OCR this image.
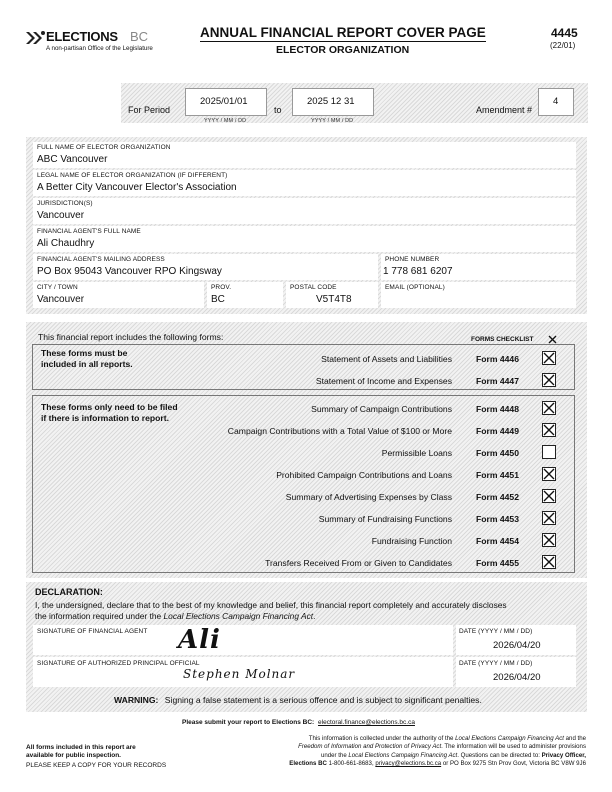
ELECTIONS BC
A non-partisan Office of the Legislature
ANNUAL FINANCIAL REPORT COVER PAGE
ELECTOR ORGANIZATION
4445
(22/01)
For Period
2025/01/01
YYYY / MM / DD
to
2025 12 31
YYYY / MM / DD
Amendment #
4
FULL NAME OF ELECTOR ORGANIZATION
ABC Vancouver
LEGAL NAME OF ELECTOR ORGANIZATION (IF DIFFERENT)
A Better City Vancouver Elector's Association
JURISDICTION(S)
Vancouver
FINANCIAL AGENT'S FULL NAME
Ali Chaudhry
FINANCIAL AGENT'S MAILING ADDRESS
PO Box 95043 Vancouver RPO Kingsway
PHONE NUMBER
1 778 681 6207
CITY / TOWN
Vancouver
PROV.
BC
POSTAL CODE
V5T4T8
EMAIL (OPTIONAL)
This financial report includes the following forms:	FORMS CHECKLIST
These forms must be
included in all reports.	Statement of Assets and Liabilities	Form 4446
Statement of Income and Expenses	Form 4447
These forms only need to be filed
if there is information to report.
Summary of Campaign Contributions	Form 4448
Campaign Contributions with a Total Value of $100 or More	Form 4449
Permissible Loans	Form 4450
Prohibited Campaign Contributions and Loans	Form 4451
Summary of Advertising Expenses by Class	Form 4452
Summary of Fundraising Functions	Form 4453
Fundraising Function	Form 4454
Transfers Received From or Given to Candidates	Form 4455
DECLARATION:
I, the undersigned, declare that to the best of my knowledge and belief, this financial report completely and accurately discloses
the information required under the Local Elections Campaign Financing Act.
SIGNATURE OF FINANCIAL AGENT Ali	DATE (YYYY / MM / DD)
2026/04/20
SIGNATURE OF AUTHORIZED PRINCIPAL OFFICIAL
Stephen Molnar
DATE (YYYY / MM / DD)
2026/04/20
WARNING: Signing a false statement is a serious offence and is subject to significant penalties.
Please submit your report to Elections BC: electoral.finance@elections.bc.ca
All forms included in this report are
available for public inspection.
PLEASE KEEP A COPY FOR YOUR RECORDS
This information is collected under the authority of the Local Elections Campaign Financing Act and the
Freedom of Information and Protection of Privacy Act. The information will be used to administer provisions
under the Local Elections Campaign Financing Act. Questions can be directed to: Privacy Officer,
Elections BC 1-800-661-8683, privacy@elections.bc.ca or PO Box 9275 Stn Prov Govt, Victoria BC V8W 9J6
